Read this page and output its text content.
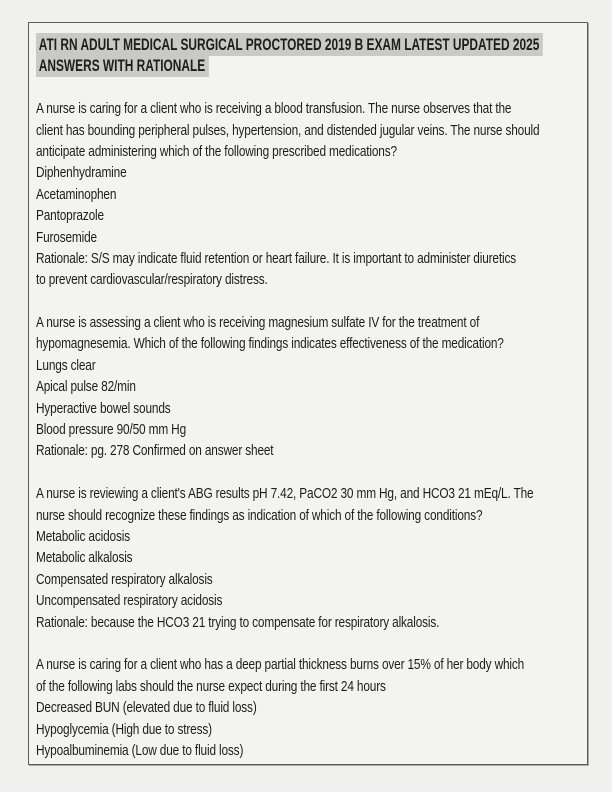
ATI RN ADULT MEDICAL SURGICAL PROCTORED 2019 B EXAM LATEST UPDATED 2025
ANSWERS WITH RATIONALE
A nurse is caring for a client who is receiving a blood transfusion. The nurse observes that the
client has bounding peripheral pulses, hypertension, and distended jugular veins. The nurse should
anticipate administering which of the following prescribed medications?
Diphenhydramine
Acetaminophen
Pantoprazole
Furosemide
Rationale: S/S may indicate fluid retention or heart failure. It is important to administer diuretics
to prevent cardiovascular/respiratory distress.
A nurse is assessing a client who is receiving magnesium sulfate IV for the treatment of
hypomagnesemia. Which of the following findings indicates effectiveness of the medication?
Lungs clear
Apical pulse 82/min
Hyperactive bowel sounds
Blood pressure 90/50 mm Hg
Rationale: pg. 278 Confirmed on answer sheet
A nurse is reviewing a client's ABG results pH 7.42, PaCO2 30 mm Hg, and HCO3 21 mEq/L. The
nurse should recognize these findings as indication of which of the following conditions?
Metabolic acidosis
Metabolic alkalosis
Compensated respiratory alkalosis
Uncompensated respiratory acidosis
Rationale: because the HCO3 21 trying to compensate for respiratory alkalosis.
A nurse is caring for a client who has a deep partial thickness burns over 15% of her body which
of the following labs should the nurse expect during the first 24 hours
Decreased BUN (elevated due to fluid loss)
Hypoglycemia (High due to stress)
Hypoalbuminemia (Low due to fluid loss)
